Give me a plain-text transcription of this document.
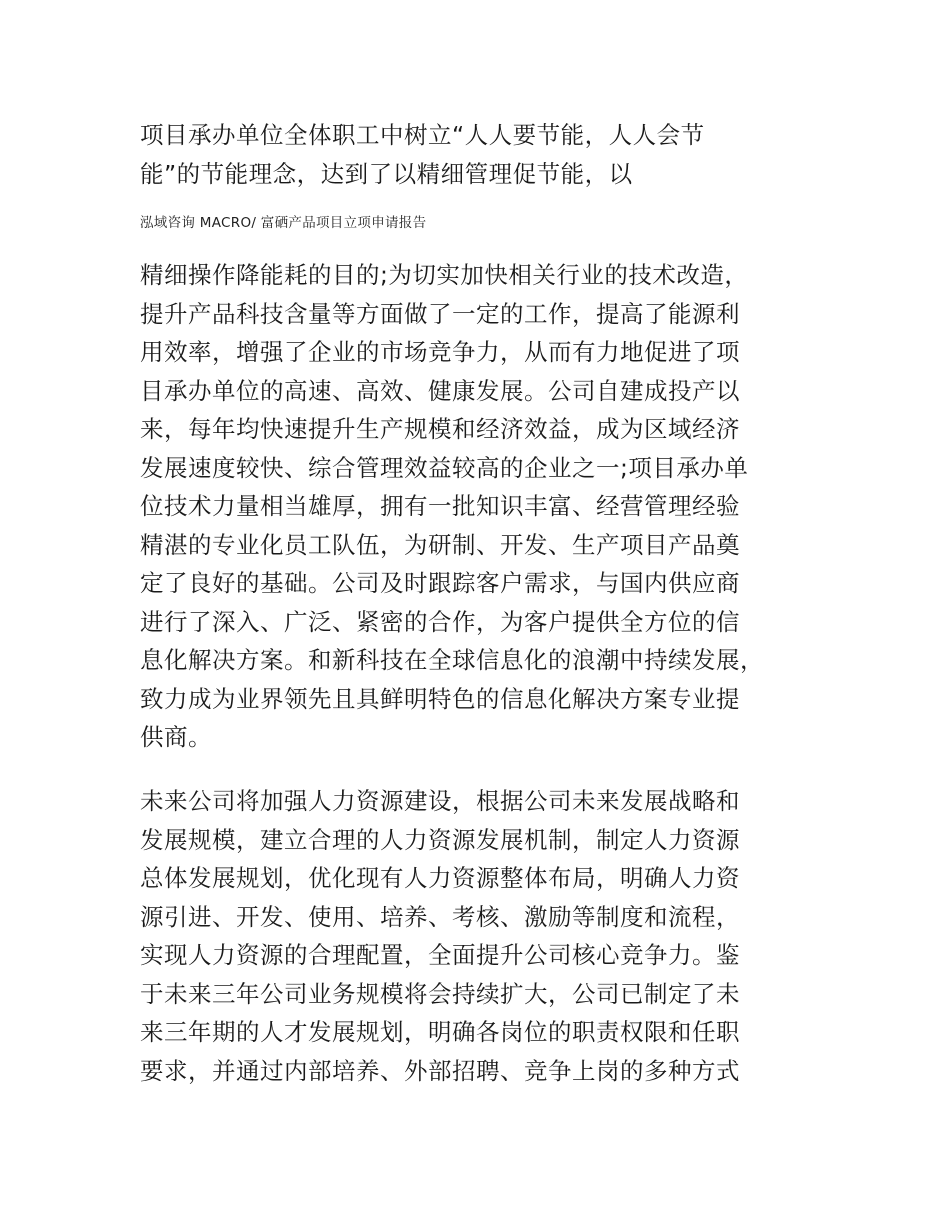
项目承办单位全体职工中树立“人人要节能，人人会节
能”的节能理念，达到了以精细管理促节能，以
泓域咨询 MACRO/ 富硒产品项目立项申请报告
精细操作降能耗的目的;为切实加快相关行业的技术改造，
提升产品科技含量等方面做了一定的工作，提高了能源利
用效率，增强了企业的市场竞争力，从而有力地促进了项
目承办单位的高速、高效、健康发展。公司自建成投产以
来，每年均快速提升生产规模和经济效益，成为区域经济
发展速度较快、综合管理效益较高的企业之一;项目承办单
位技术力量相当雄厚，拥有一批知识丰富、经营管理经验
精湛的专业化员工队伍，为研制、开发、生产项目产品奠
定了良好的基础。公司及时跟踪客户需求，与国内供应商
进行了深入、广泛、紧密的合作，为客户提供全方位的信
息化解决方案。和新科技在全球信息化的浪潮中持续发展，
致力成为业界领先且具鲜明特色的信息化解决方案专业提
供商。
未来公司将加强人力资源建设，根据公司未来发展战略和
发展规模，建立合理的人力资源发展机制，制定人力资源
总体发展规划，优化现有人力资源整体布局，明确人力资
源引进、开发、使用、培养、考核、激励等制度和流程，
实现人力资源的合理配置，全面提升公司核心竞争力。鉴
于未来三年公司业务规模将会持续扩大，公司已制定了未
来三年期的人才发展规划，明确各岗位的职责权限和任职
要求，并通过内部培养、外部招聘、竞争上岗的多种方式
